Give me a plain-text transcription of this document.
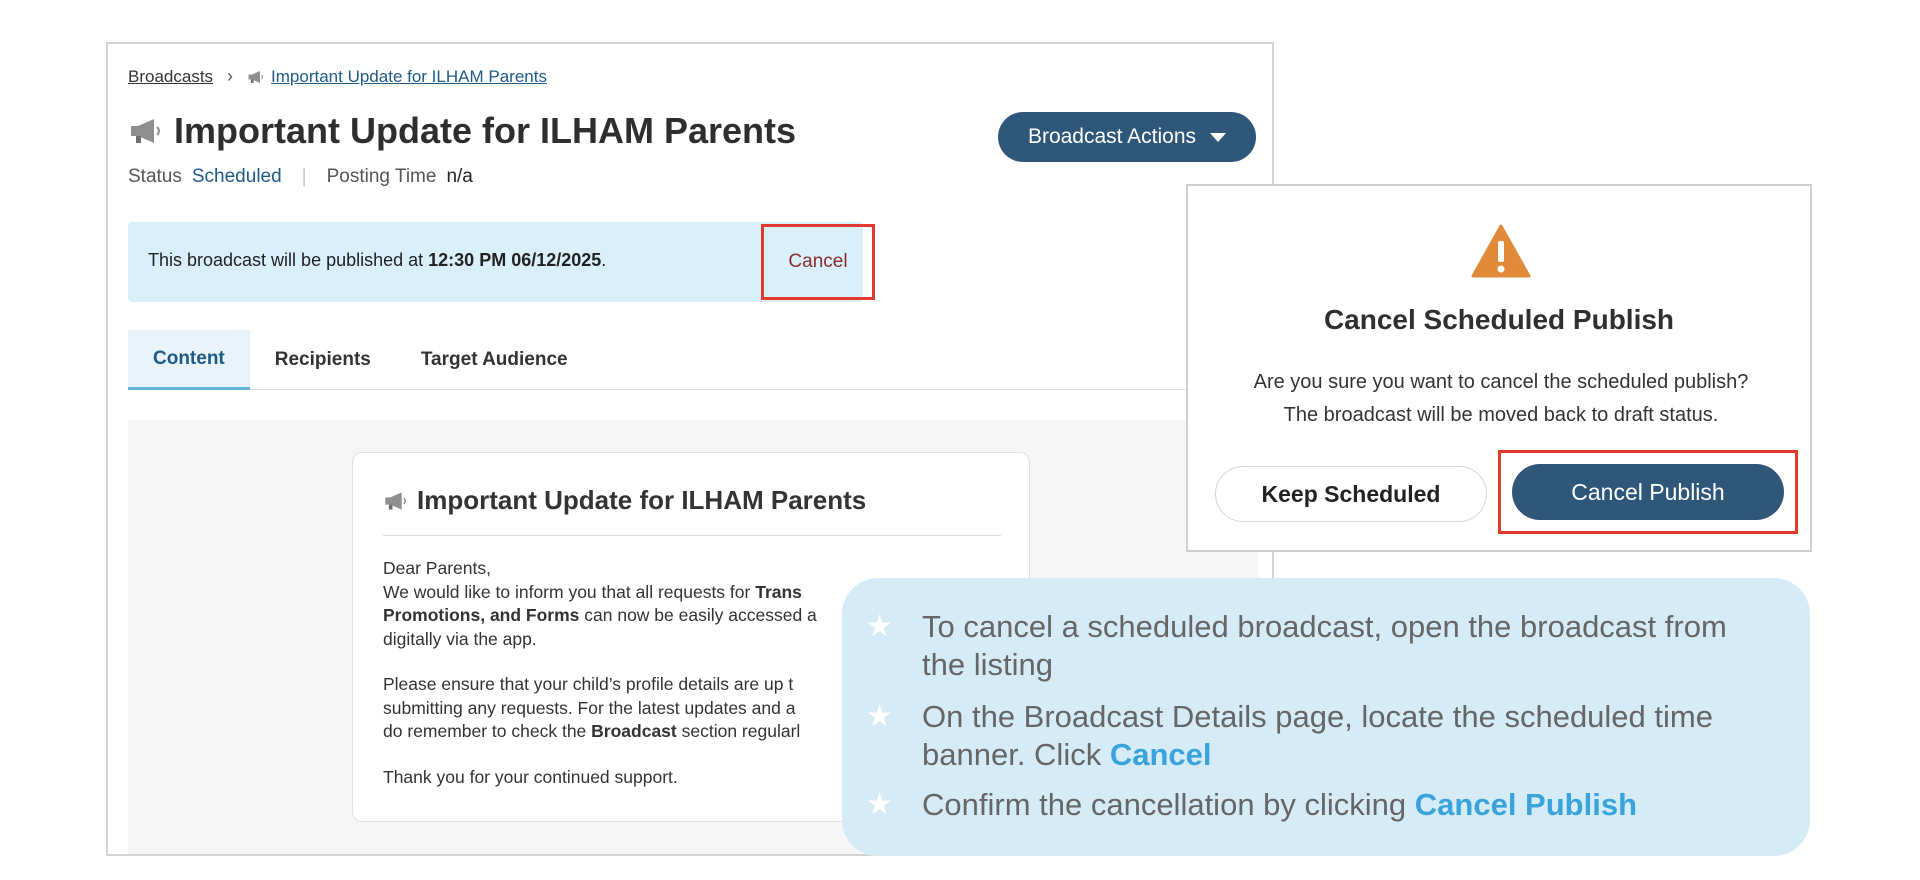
Broadcasts › Important Update for ILHAM Parents
Important Update for ILHAM Parents
Status Scheduled | Posting Time n/a
Broadcast Actions
This broadcast will be published at 12:30 PM 06/12/2025.	Cancel
Content	Recipients	Target Audience
Important Update for ILHAM Parents

Dear Parents,
We would like to inform you that all requests for Trans
Promotions, and Forms can now be easily accessed a
digitally via the app.

Please ensure that your child’s profile details are up t
submitting any requests. For the latest updates and a
do remember to check the Broadcast section regularl

Thank you for your continued support.

Cancel Scheduled Publish
Are you sure you want to cancel the scheduled publish?
The broadcast will be moved back to draft status.
Keep Scheduled	Cancel Publish
★ To cancel a scheduled broadcast, open the broadcast from the listing
★ On the Broadcast Details page, locate the scheduled time banner. Click Cancel
★ Confirm the cancellation by clicking Cancel Publish
